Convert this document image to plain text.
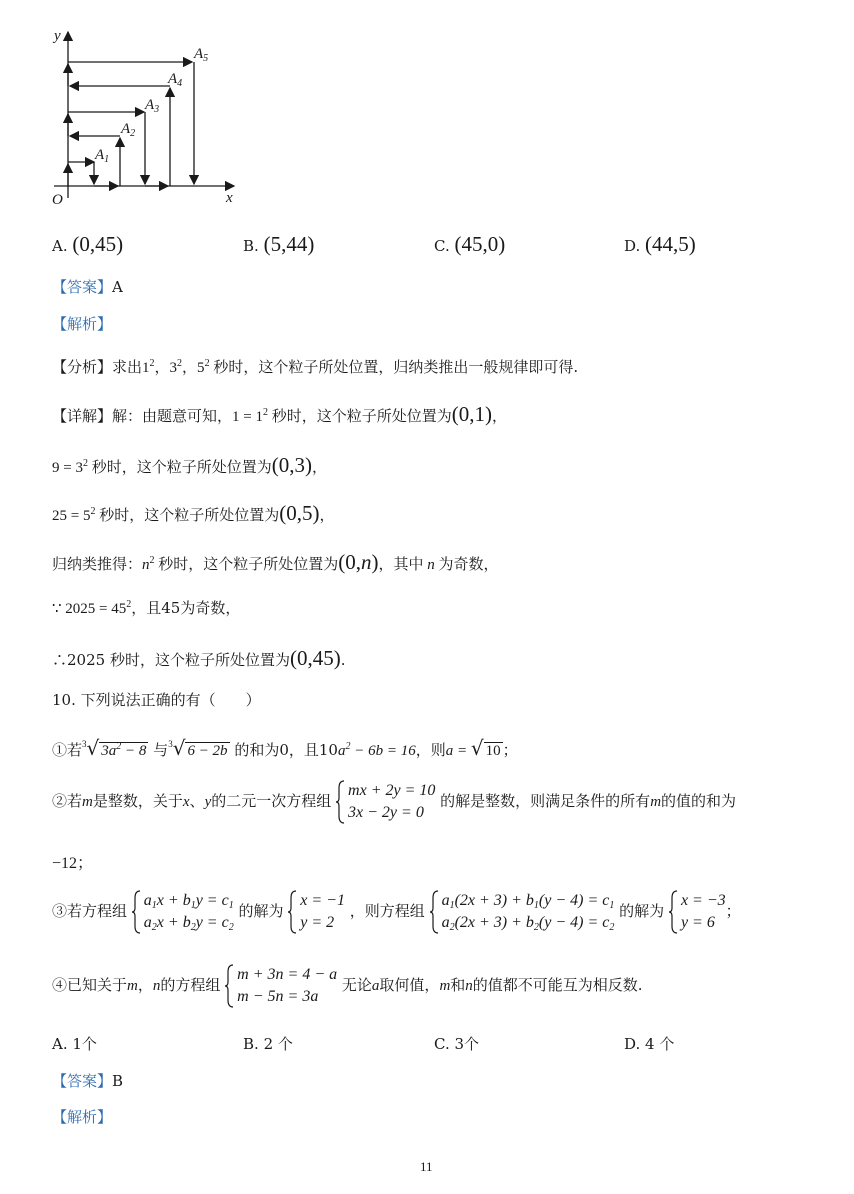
y
x
O
$A_1$
$A_2$
$A_3$
$A_4$
$A_5$
A. (0,45)	B. (5,44)	C. (45,0)	D. (44,5)
【答案】A
【解析】
【分析】求出$1^2$，$3^2$，$5^2$ 秒时，这个粒子所处位置，归纳类推出一般规律即可得.
【详解】解：由题意可知，$1 = 1^2$ 秒时，这个粒子所处位置为(0,1)，
$9 = 3^2$ 秒时，这个粒子所处位置为(0,3)，
$25 = 5^2$ 秒时，这个粒子所处位置为(0,5)，
归纳类推得：$n^2$ 秒时，这个粒子所处位置为(0,n)，其中 n 为奇数，
∵ $2025 = 45^2$，且45为奇数，
∴2025 秒时，这个粒子所处位置为(0,45).
10. 下列说法正确的有（　　）
①若$^3$√ $3a^2 - 8$ 与$^3$√ 6 − 2b 的和为0，且$10a^2 - 6b = 16$，则a = √ 10 ；
②若m是整数，关于x、y的二元一次方程组
mx + 2y = 10
3x − 2y = 0
的解是整数，则满足条件的所有m的值的和为
−12；
③若方程组
$a_1x + b_1y = c_1$
$a_2x + b_2y = c_2$
的解为
x = −1
y = 2
，则方程组
$a_1(2x + 3) + b_1(y - 4) = c_1$
$a_2(2x + 3) + b_2(y - 4) = c_2$
的解为
x = −3
y = 6
；
④已知关于m，n的方程组
m + 3n = 4 − a
m − 5n = 3a
无论a取何值，m和n的值都不可能互为相反数.
A. 1个	B. 2 个	C. 3个	D. 4 个
【答案】B
【解析】
11
